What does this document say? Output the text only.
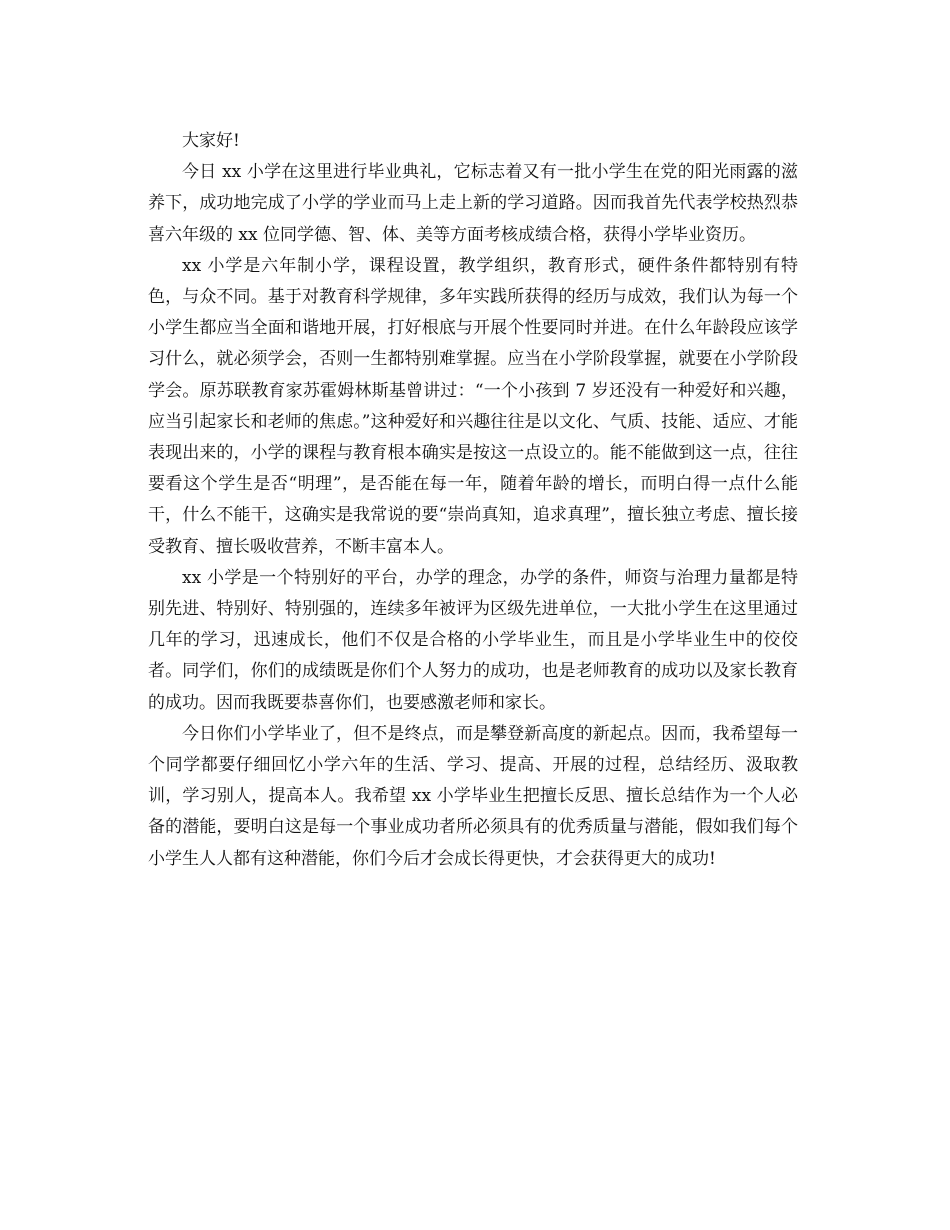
大家好!

今日 xx 小学在这里进行毕业典礼，它标志着又有一批小学生在党的阳光雨露的滋养下，成功地完成了小学的学业而马上走上新的学习道路。因而我首先代表学校热烈恭喜六年级的 xx 位同学德、智、体、美等方面考核成绩合格，获得小学毕业资历。

xx 小学是六年制小学，课程设置，教学组织，教育形式，硬件条件都特别有特色，与众不同。基于对教育科学规律，多年实践所获得的经历与成效，我们认为每一个小学生都应当全面和谐地开展，打好根底与开展个性要同时并进。在什么年龄段应该学习什么，就必须学会，否则一生都特别难掌握。应当在小学阶段掌握，就要在小学阶段学会。原苏联教育家苏霍姆林斯基曾讲过：“一个小孩到 7 岁还没有一种爱好和兴趣，应当引起家长和老师的焦虑。”这种爱好和兴趣往往是以文化、气质、技能、适应、才能表现出来的，小学的课程与教育根本确实是按这一点设立的。能不能做到这一点，往往要看这个学生是否“明理”，是否能在每一年，随着年龄的增长，而明白得一点什么能干，什么不能干，这确实是我常说的要“崇尚真知，追求真理”，擅长独立考虑、擅长接受教育、擅长吸收营养，不断丰富本人。

xx 小学是一个特别好的平台，办学的理念，办学的条件，师资与治理力量都是特别先进、特别好、特别强的，连续多年被评为区级先进单位，一大批小学生在这里通过几年的学习，迅速成长，他们不仅是合格的小学毕业生，而且是小学毕业生中的佼佼者。同学们，你们的成绩既是你们个人努力的成功，也是老师教育的成功以及家长教育的成功。因而我既要恭喜你们，也要感激老师和家长。

今日你们小学毕业了，但不是终点，而是攀登新高度的新起点。因而，我希望每一个同学都要仔细回忆小学六年的生活、学习、提高、开展的过程，总结经历、汲取教训，学习别人，提高本人。我希望 xx 小学毕业生把擅长反思、擅长总结作为一个人必备的潜能，要明白这是每一个事业成功者所必须具有的优秀质量与潜能，假如我们每个小学生人人都有这种潜能，你们今后才会成长得更快，才会获得更大的成功!
